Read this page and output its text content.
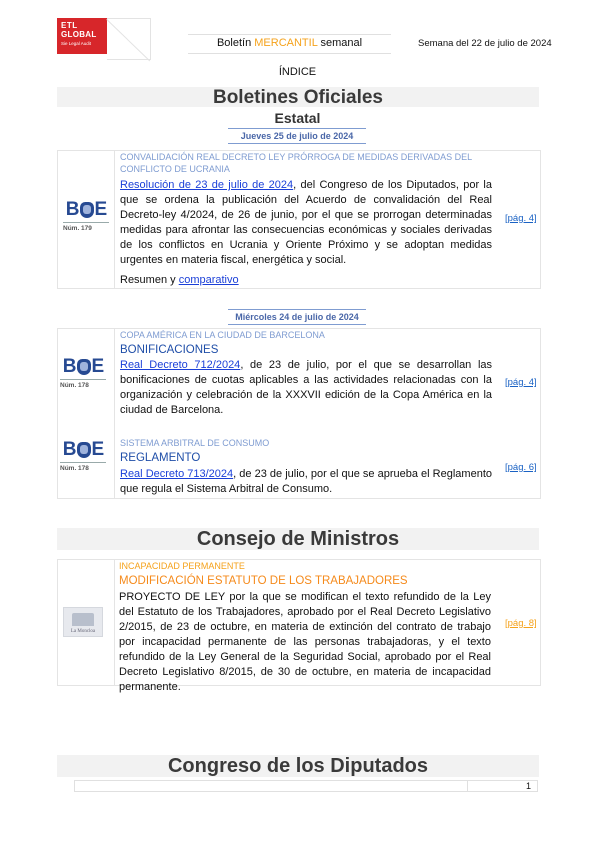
ETL
GLOBAL
Sie Legal Audit	Boletín MERCANTIL semanal	Semana del 22 de julio de 2024
ÍNDICE
Boletines Oficiales
Estatal
Jueves 25 de julio de 2024
B E
Núm. 179
CONVALIDACIÓN REAL DECRETO LEY PRÓRROGA DE MEDIDAS DERIVADAS DEL CONFLICTO DE UCRANIA
Resolución de 23 de julio de 2024, del Congreso de los Diputados, por la que se ordena la publicación del Acuerdo de convalidación del Real Decreto-ley 4/2024, de 26 de junio, por el que se prorrogan determinadas medidas para afrontar las consecuencias económicas y sociales derivadas de los conflictos en Ucrania y Oriente Próximo y se adoptan medidas urgentes en materia fiscal, energética y social.
Resumen y comparativo
[pág. 4]
Miércoles 24 de julio de 2024
B E
Núm. 178
COPA AMÉRICA EN LA CIUDAD DE BARCELONA
BONIFICACIONES
Real Decreto 712/2024, de 23 de julio, por el que se desarrollan las bonificaciones de cuotas aplicables a las actividades relacionadas con la organización y celebración de la XXXVII edición de la Copa América en la ciudad de Barcelona.
[pág. 4]
B E
Núm. 178
SISTEMA ARBITRAL DE CONSUMO
REGLAMENTO
Real Decreto 713/2024, de 23 de julio, por el que se aprueba el Reglamento que regula el Sistema Arbitral de Consumo.
[pág. 6]
Consejo de Ministros
La Moncloa
INCAPACIDAD PERMANENTE
MODIFICACIÓN ESTATUTO DE LOS TRABAJADORES
PROYECTO DE LEY por la que se modifican el texto refundido de la Ley del Estatuto de los Trabajadores, aprobado por el Real Decreto Legislativo 2/2015, de 23 de octubre, en materia de extinción del contrato de trabajo por incapacidad permanente de las personas trabajadoras, y el texto refundido de la Ley General de la Seguridad Social, aprobado por el Real Decreto Legislativo 8/2015, de 30 de octubre, en materia de incapacidad permanente.
[pág. 8]
Congreso de los Diputados
1
